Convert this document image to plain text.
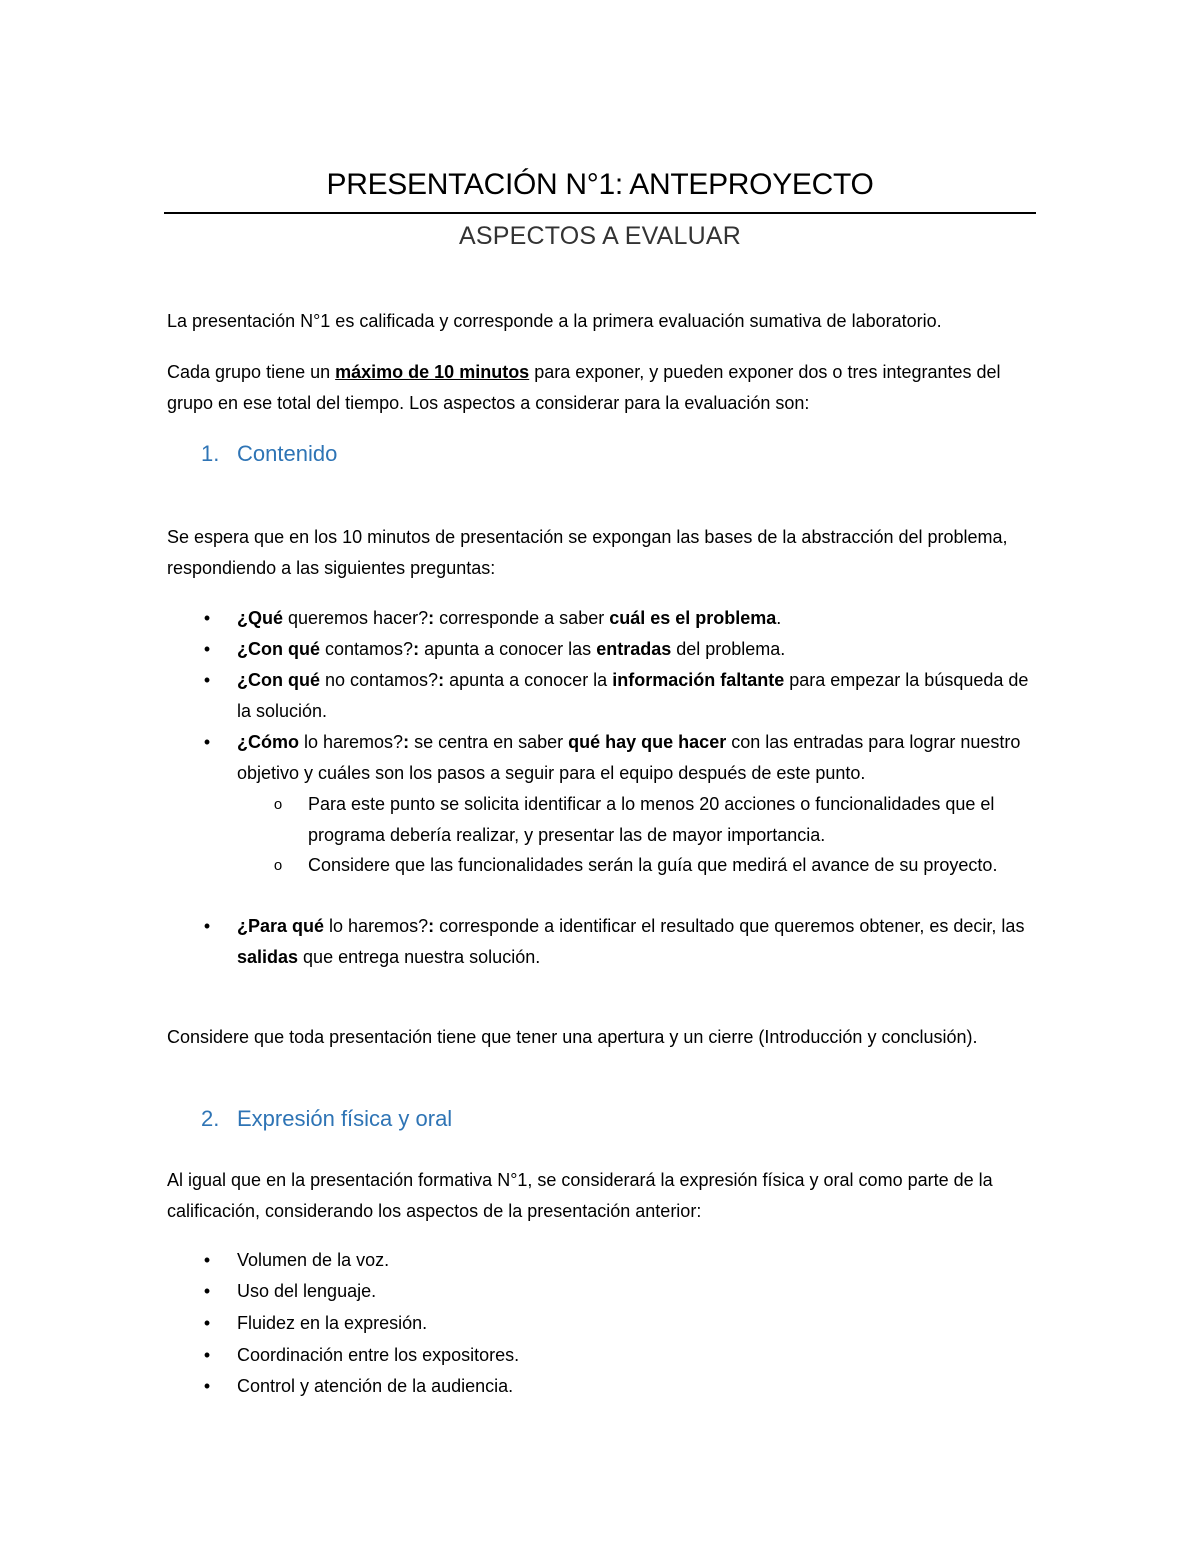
PRESENTACIÓN N°1: ANTEPROYECTO
ASPECTOS A EVALUAR
La presentación N°1 es calificada y corresponde a la primera evaluación sumativa de laboratorio.
Cada grupo tiene un máximo de 10 minutos para exponer, y pueden exponer dos o tres integrantes del grupo en ese total del tiempo. Los aspectos a considerar para la evaluación son:
1. Contenido
Se espera que en los 10 minutos de presentación se expongan las bases de la abstracción del problema, respondiendo a las siguientes preguntas:
• ¿Qué queremos hacer?: corresponde a saber cuál es el problema.
• ¿Con qué contamos?: apunta a conocer las entradas del problema.
• ¿Con qué no contamos?: apunta a conocer la información faltante para empezar la búsqueda de la solución.
• ¿Cómo lo haremos?: se centra en saber qué hay que hacer con las entradas para lograr nuestro objetivo y cuáles son los pasos a seguir para el equipo después de este punto.
o Para este punto se solicita identificar a lo menos 20 acciones o funcionalidades que el programa debería realizar, y presentar las de mayor importancia.
o Considere que las funcionalidades serán la guía que medirá el avance de su proyecto.
• ¿Para qué lo haremos?: corresponde a identificar el resultado que queremos obtener, es decir, las salidas que entrega nuestra solución.
Considere que toda presentación tiene que tener una apertura y un cierre (Introducción y conclusión).
2. Expresión física y oral
Al igual que en la presentación formativa N°1, se considerará la expresión física y oral como parte de la calificación, considerando los aspectos de la presentación anterior:
• Volumen de la voz.
• Uso del lenguaje.
• Fluidez en la expresión.
• Coordinación entre los expositores.
• Control y atención de la audiencia.
